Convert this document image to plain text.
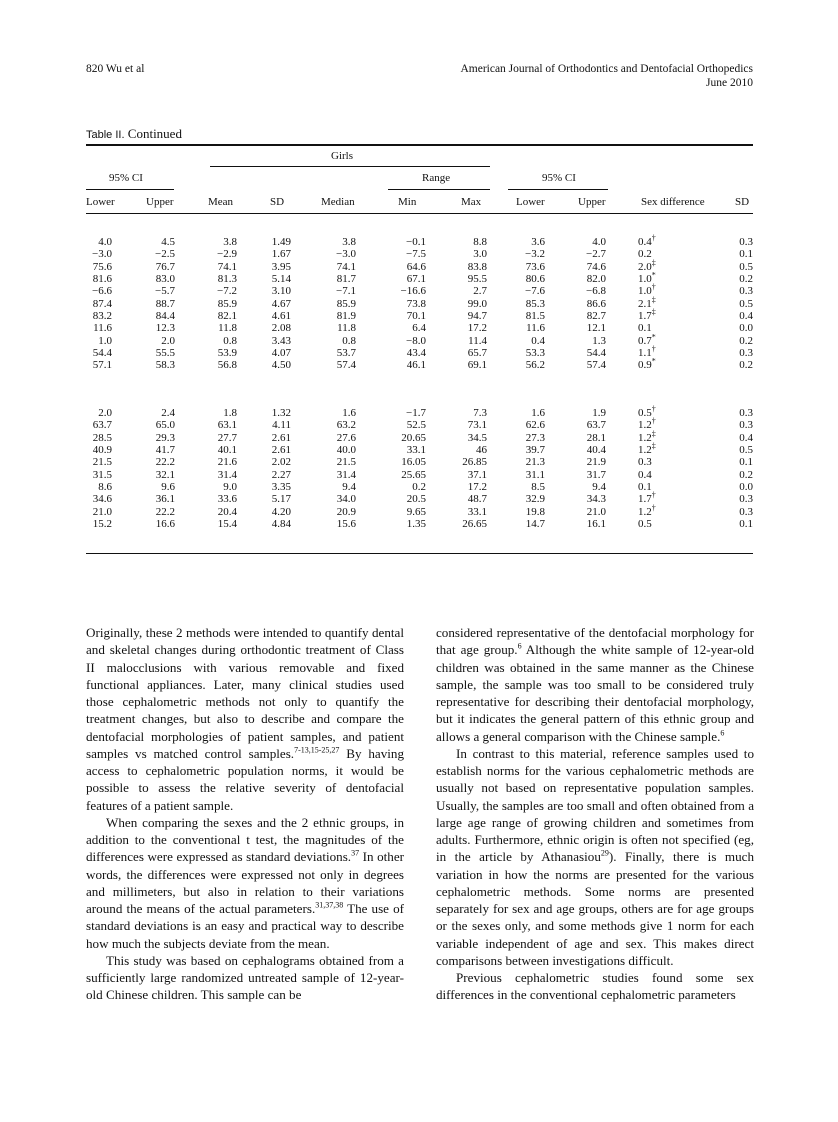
820 Wu et al	American Journal of Orthodontics and Dentofacial Orthopedics
June 2010
Table II. Continued
Girls
95% CI	Range	95% CI
Lower	Upper	Mean	SD	Median	Min	Max	Lower	Upper	Sex difference	SD
4.0	4.5	3.8	1.49	3.8	−0.1	8.8	3.6	4.0	0.4†	0.3
−3.0	−2.5	−2.9	1.67	−3.0	−7.5	3.0	−3.2	−2.7	0.2	0.1
75.6	76.7	74.1	3.95	74.1	64.6	83.8	73.6	74.6	2.0‡	0.5
81.6	83.0	81.3	5.14	81.7	67.1	95.5	80.6	82.0	1.0*	0.2
−6.6	−5.7	−7.2	3.10	−7.1	−16.6	2.7	−7.6	−6.8	1.0†	0.3
87.4	88.7	85.9	4.67	85.9	73.8	99.0	85.3	86.6	2.1‡	0.5
83.2	84.4	82.1	4.61	81.9	70.1	94.7	81.5	82.7	1.7‡	0.4
11.6	12.3	11.8	2.08	11.8	6.4	17.2	11.6	12.1	0.1	0.0
1.0	2.0	0.8	3.43	0.8	−8.0	11.4	0.4	1.3	0.7*	0.2
54.4	55.5	53.9	4.07	53.7	43.4	65.7	53.3	54.4	1.1†	0.3
57.1	58.3	56.8	4.50	57.4	46.1	69.1	56.2	57.4	0.9*	0.2
2.0	2.4	1.8	1.32	1.6	−1.7	7.3	1.6	1.9	0.5†	0.3
63.7	65.0	63.1	4.11	63.2	52.5	73.1	62.6	63.7	1.2†	0.3
28.5	29.3	27.7	2.61	27.6	20.65	34.5	27.3	28.1	1.2‡	0.4
40.9	41.7	40.1	2.61	40.0	33.1	46	39.7	40.4	1.2‡	0.5
21.5	22.2	21.6	2.02	21.5	16.05	26.85	21.3	21.9	0.3	0.1
31.5	32.1	31.4	2.27	31.4	25.65	37.1	31.1	31.7	0.4	0.2
8.6	9.6	9.0	3.35	9.4	0.2	17.2	8.5	9.4	0.1	0.0
34.6	36.1	33.6	5.17	34.0	20.5	48.7	32.9	34.3	1.7†	0.3
21.0	22.2	20.4	4.20	20.9	9.65	33.1	19.8	21.0	1.2†	0.3
15.2	16.6	15.4	4.84	15.6	1.35	26.65	14.7	16.1	0.5	0.1

Originally, these 2 methods were intended to quantify dental and skeletal changes during orthodontic treatment of Class II malocclusions with various removable and fixed functional appliances. Later, many clinical studies used those cephalometric methods not only to quantify the treatment changes, but also to describe and compare the dentofacial morphologies of patient samples, and patient samples vs matched control samples.$^{7-13,15-25,27}$ By having access to cephalometric population norms, it would be possible to assess the relative severity of dentofacial features of a patient sample.

When comparing the sexes and the 2 ethnic groups, in addition to the conventional t test, the magnitudes of the differences were expressed as standard deviations.$^{37}$ In other words, the differences were expressed not only in degrees and millimeters, but also in relation to their variations around the means of the actual parameters.$^{31,37,38}$ The use of standard deviations is an easy and practical way to describe how much the subjects deviate from the mean.

This study was based on cephalograms obtained from a sufficiently large randomized untreated sample of 12-year-old Chinese children. This sample can be

considered representative of the dentofacial morphology for that age group.$^6$ Although the white sample of 12-year-old children was obtained in the same manner as the Chinese sample, the sample was too small to be considered truly representative for describing their dentofacial morphology, but it indicates the general pattern of this ethnic group and allows a general comparison with the Chinese sample.$^6$

In contrast to this material, reference samples used to establish norms for the various cephalometric methods are usually not based on representative population samples. Usually, the samples are too small and often obtained from a large age range of growing children and sometimes from adults. Furthermore, ethnic origin is often not specified (eg, in the article by Athanasiou$^{29}$). Finally, there is much variation in how the norms are presented for the various cephalometric methods. Some norms are presented separately for sex and age groups, others are for age groups or the sexes only, and some methods give 1 norm for each variable independent of age and sex. This makes direct comparisons between investigations difficult.

Previous cephalometric studies found some sex differences in the conventional cephalometric parameters
